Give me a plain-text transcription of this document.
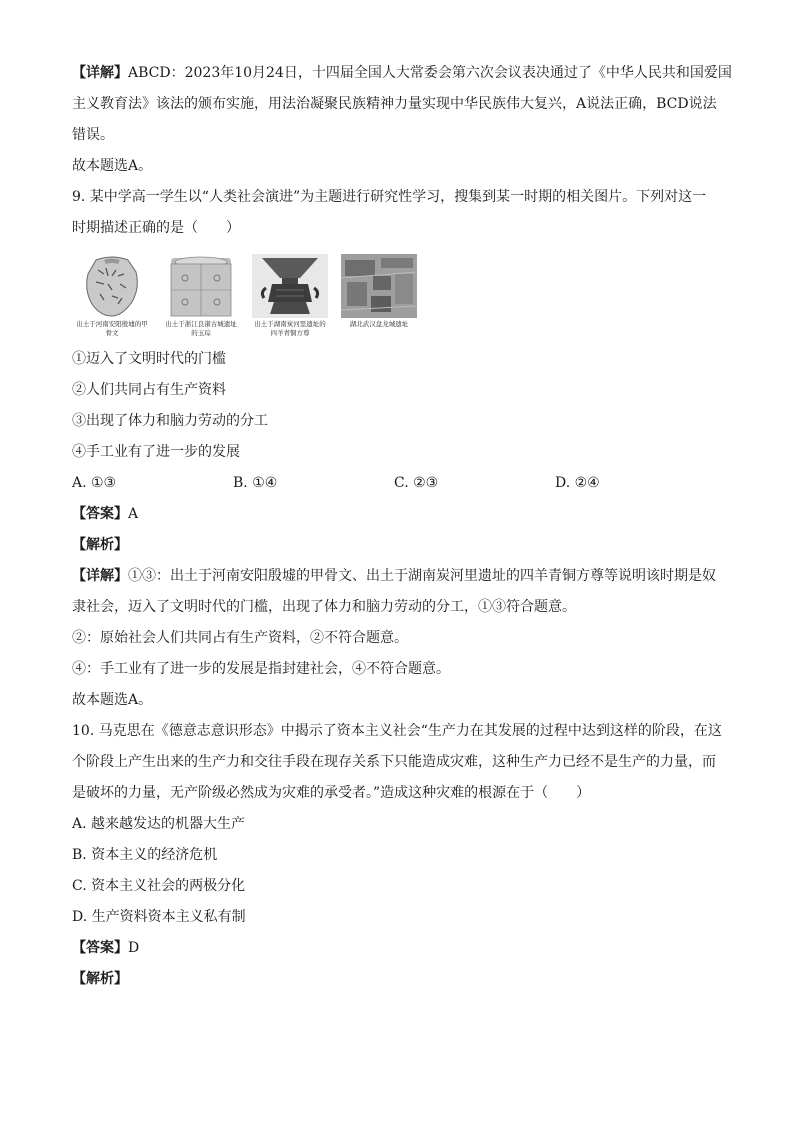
【详解】ABCD：2023年10月24日，十四届全国人大常委会第六次会议表决通过了《中华人民共和国爱国
主义教育法》该法的颁布实施，用法治凝聚民族精神力量实现中华民族伟大复兴，A说法正确，BCD说法
错误。
故本题选A。
9. 某中学高一学生以“人类社会演进”为主题进行研究性学习，搜集到某一时期的相关图片。下列对这一
时期描述正确的是（　　）
出土于河南安阳殷墟的甲骨文
出土于浙江良渚古城遗址的玉琮
出土于湖南炭河里遗址的四羊青铜方尊
湖北武汉盘龙城遗址
①迈入了文明时代的门槛
②人们共同占有生产资料
③出现了体力和脑力劳动的分工
④手工业有了进一步的发展
A. ①③	B. ①④	C. ②③	D. ②④
【答案】A
【解析】
【详解】①③：出土于河南安阳殷墟的甲骨文、出土于湖南炭河里遗址的四羊青铜方尊等说明该时期是奴
隶社会，迈入了文明时代的门槛，出现了体力和脑力劳动的分工，①③符合题意。
②：原始社会人们共同占有生产资料，②不符合题意。
④：手工业有了进一步的发展是指封建社会，④不符合题意。
故本题选A。
10. 马克思在《德意志意识形态》中揭示了资本主义社会“生产力在其发展的过程中达到这样的阶段，在这
个阶段上产生出来的生产力和交往手段在现存关系下只能造成灾难，这种生产力已经不是生产的力量，而
是破坏的力量，无产阶级必然成为灾难的承受者。”造成这种灾难的根源在于（　　）
A. 越来越发达的机器大生产
B. 资本主义的经济危机
C. 资本主义社会的两极分化
D. 生产资料资本主义私有制
【答案】D
【解析】
